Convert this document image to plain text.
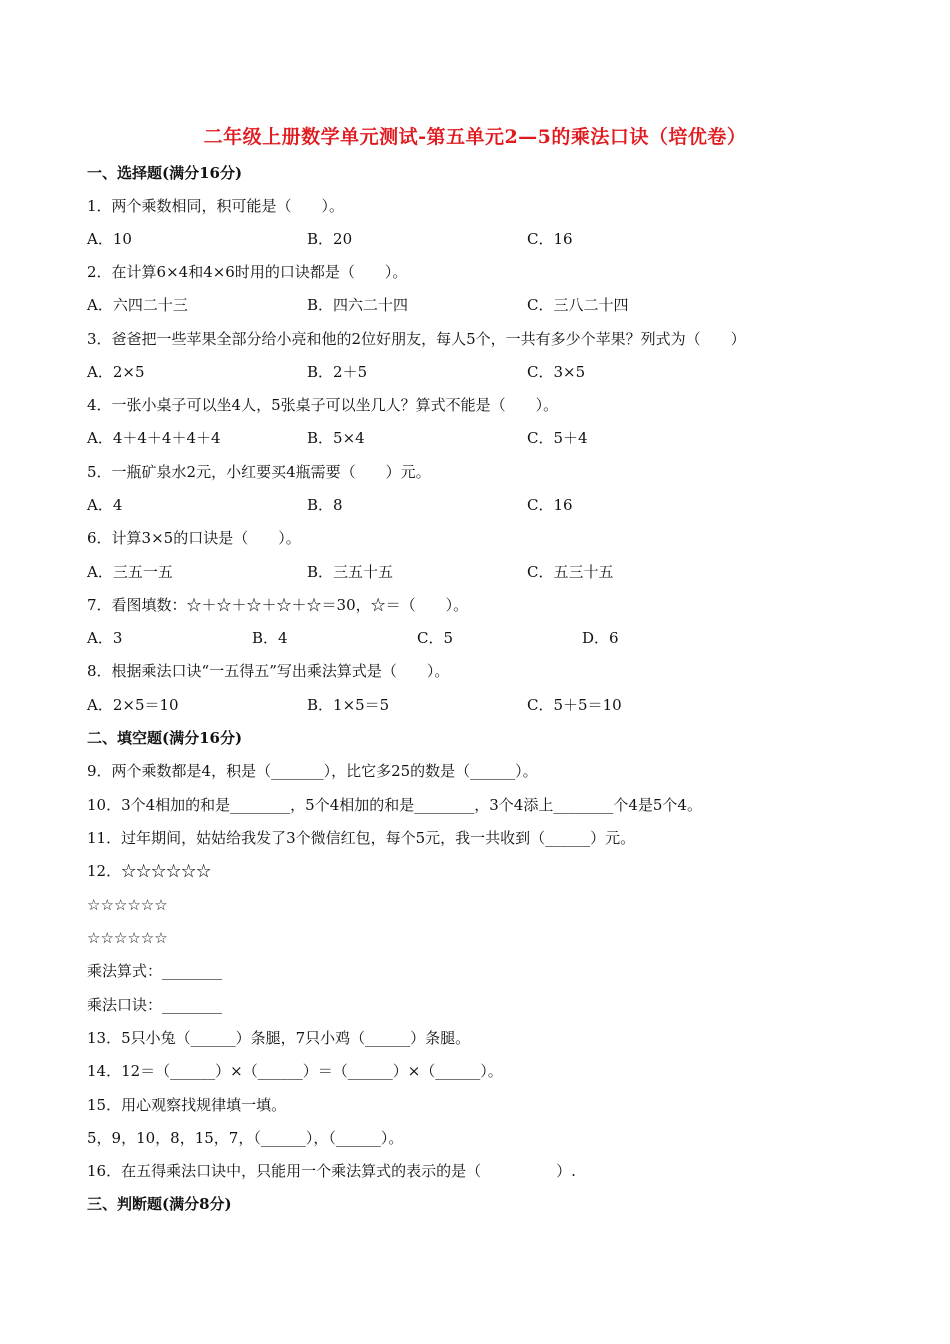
二年级上册数学单元测试-第五单元2—5的乘法口诀（培优卷）
一、选择题(满分16分)
1．两个乘数相同，积可能是（　　）。
A．10	B．20	C．16
2．在计算6×4和4×6时用的口诀都是（　　）。
A．六四二十三	B．四六二十四	C．三八二十四
3．爸爸把一些苹果全部分给小亮和他的2位好朋友，每人5个，一共有多少个苹果？列式为（　　）
A．2×5	B．2＋5	C．3×5
4．一张小桌子可以坐4人，5张桌子可以坐几人？算式不能是（　　）。
A．4＋4＋4＋4＋4	B．5×4	C．5＋4
5．一瓶矿泉水2元，小红要买4瓶需要（　　）元。
A．4	B．8	C．16
6．计算3×5的口诀是（　　）。
A．三五一五	B．三五十五	C．五三十五
7．看图填数：☆＋☆＋☆＋☆＋☆＝30，☆＝（　　）。
A．3	B．4	C．5	D．6
8．根据乘法口诀“一五得五”写出乘法算式是（　　）。
A．2×5＝10	B．1×5＝5	C．5＋5＝10
二、填空题(满分16分)
9．两个乘数都是4，积是（_______），比它多25的数是（______）。
10．3个4相加的和是________，5个4相加的和是________，3个4添上________个4是5个4。
11．过年期间，姑姑给我发了3个微信红包，每个5元，我一共收到（______）元。
12．☆☆☆☆☆☆
☆☆☆☆☆☆
☆☆☆☆☆☆
乘法算式：________
乘法口诀：________
13．5只小兔（______）条腿，7只小鸡（______）条腿。
14．12＝（______）×（______）＝（______）×（______）。
15．用心观察找规律填一填。
5，9，10，8，15，7，（______），（______）。
16．在五得乘法口诀中，只能用一个乘法算式的表示的是（　　　　　）.
三、判断题(满分8分)
